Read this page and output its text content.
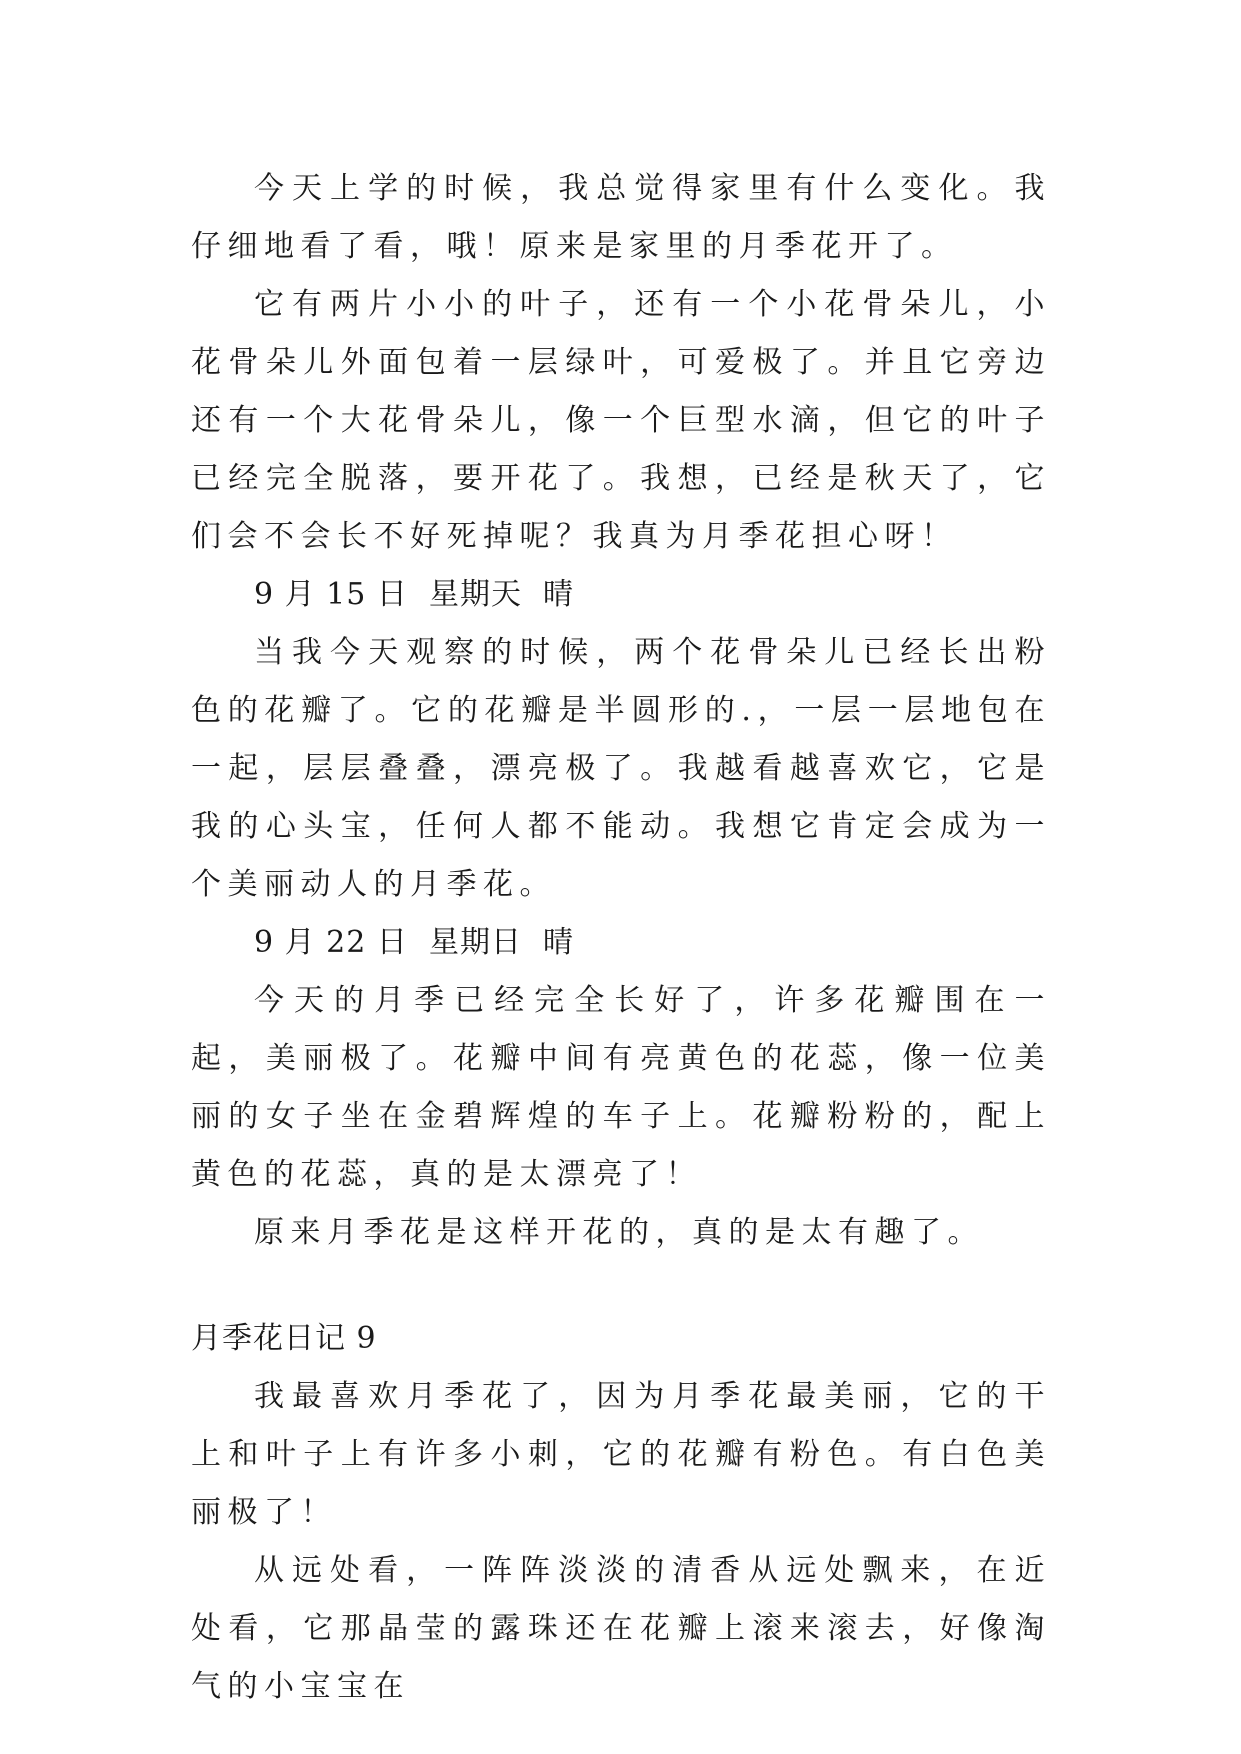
今天上学的时候，我总觉得家里有什么变化。我仔细地看了看，哦！原来是家里的月季花开了。

它有两片小小的叶子，还有一个小花骨朵儿，小花骨朵儿外面包着一层绿叶，可爱极了。并且它旁边还有一个大花骨朵儿，像一个巨型水滴，但它的叶子已经完全脱落，要开花了。我想，已经是秋天了，它们会不会长不好死掉呢？我真为月季花担心呀！

9 月 15 日  星期天  晴

当我今天观察的时候，两个花骨朵儿已经长出粉色的花瓣了。它的花瓣是半圆形的.，一层一层地包在一起，层层叠叠，漂亮极了。我越看越喜欢它，它是我的心头宝，任何人都不能动。我想它肯定会成为一个美丽动人的月季花。

9 月 22 日  星期日  晴

今天的月季已经完全长好了，许多花瓣围在一起，美丽极了。花瓣中间有亮黄色的花蕊，像一位美丽的女子坐在金碧辉煌的车子上。花瓣粉粉的，配上黄色的花蕊，真的是太漂亮了！

原来月季花是这样开花的，真的是太有趣了。

月季花日记 9

我最喜欢月季花了，因为月季花最美丽，它的干上和叶子上有许多小刺，它的花瓣有粉色。有白色美丽极了！

从远处看，一阵阵淡淡的清香从远处飘来，在近处看，它那晶莹的露珠还在花瓣上滚来滚去，好像淘气的小宝宝在
